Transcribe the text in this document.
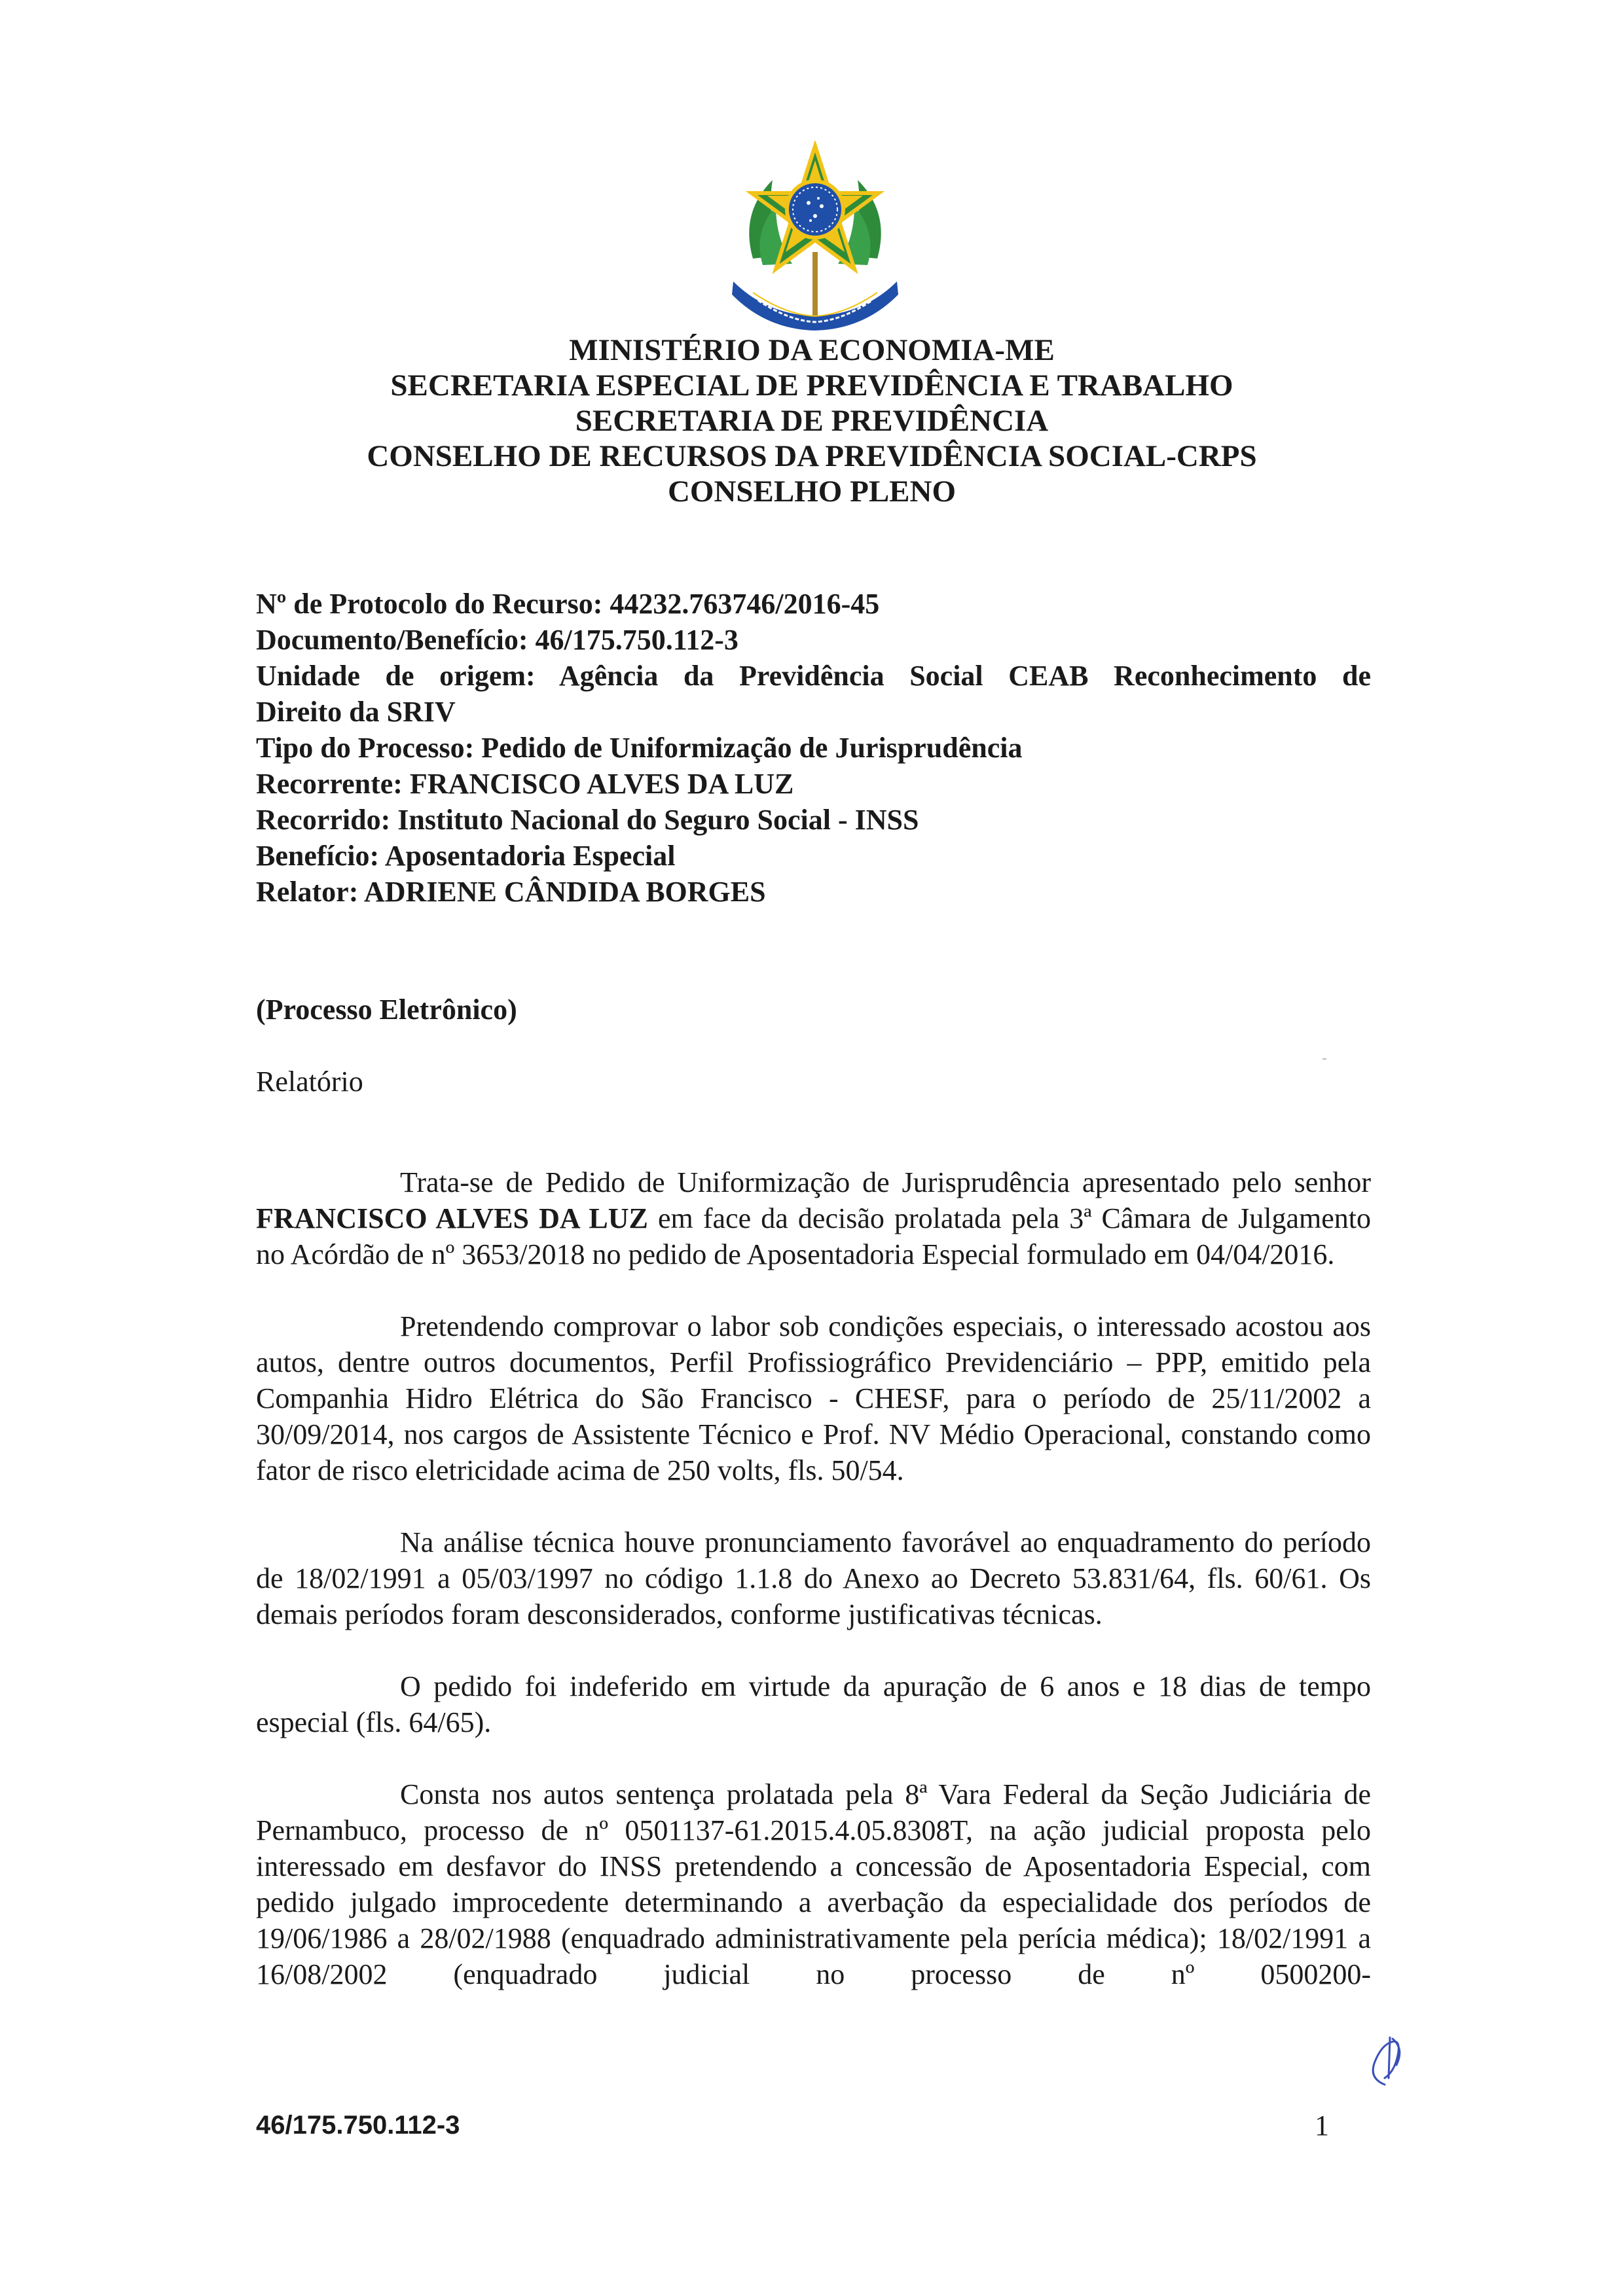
MINISTÉRIO DA ECONOMIA-ME
SECRETARIA ESPECIAL DE PREVIDÊNCIA E TRABALHO
SECRETARIA DE PREVIDÊNCIA
CONSELHO DE RECURSOS DA PREVIDÊNCIA SOCIAL-CRPS
CONSELHO PLENO
Nº de Protocolo do Recurso: 44232.763746/2016-45
Documento/Benefício: 46/175.750.112-3
Unidade de origem: Agência da Previdência Social CEAB Reconhecimento de
Direito da SRIV
Tipo do Processo: Pedido de Uniformização de Jurisprudência
Recorrente: FRANCISCO ALVES DA LUZ
Recorrido: Instituto Nacional do Seguro Social - INSS
Benefício: Aposentadoria Especial
Relator: ADRIENE CÂNDIDA BORGES
(Processo Eletrônico)
Relatório

Trata-se de Pedido de Uniformização de Jurisprudência apresentado pelo senhor FRANCISCO ALVES DA LUZ em face da decisão prolatada pela 3ª Câmara de Julgamento no Acórdão de nº 3653/2018 no pedido de Aposentadoria Especial formulado em 04/04/2016.

Pretendendo comprovar o labor sob condições especiais, o interessado acostou aos autos, dentre outros documentos, Perfil Profissiográfico Previdenciário – PPP, emitido pela Companhia Hidro Elétrica do São Francisco - CHESF, para o período de 25/11/2002 a 30/09/2014, nos cargos de Assistente Técnico e Prof. NV Médio Operacional, constando como fator de risco eletricidade acima de 250 volts, fls. 50/54.

Na análise técnica houve pronunciamento favorável ao enquadramento do período de 18/02/1991 a 05/03/1997 no código 1.1.8 do Anexo ao Decreto 53.831/64, fls. 60/61. Os demais períodos foram desconsiderados, conforme justificativas técnicas.

O pedido foi indeferido em virtude da apuração de 6 anos e 18 dias de tempo especial (fls. 64/65).

Consta nos autos sentença prolatada pela 8ª Vara Federal da Seção Judiciária de Pernambuco, processo de nº 0501137-61.2015.4.05.8308T, na ação judicial proposta pelo interessado em desfavor do INSS pretendendo a concessão de Aposentadoria Especial, com pedido julgado improcedente determinando a averbação da especialidade dos períodos de 19/06/1986 a 28/02/1988 (enquadrado administrativamente pela perícia médica); 18/02/1991 a 16/08/2002 (enquadrado judicial no processo de nº 0500200-

46/175.750.112-3	1
